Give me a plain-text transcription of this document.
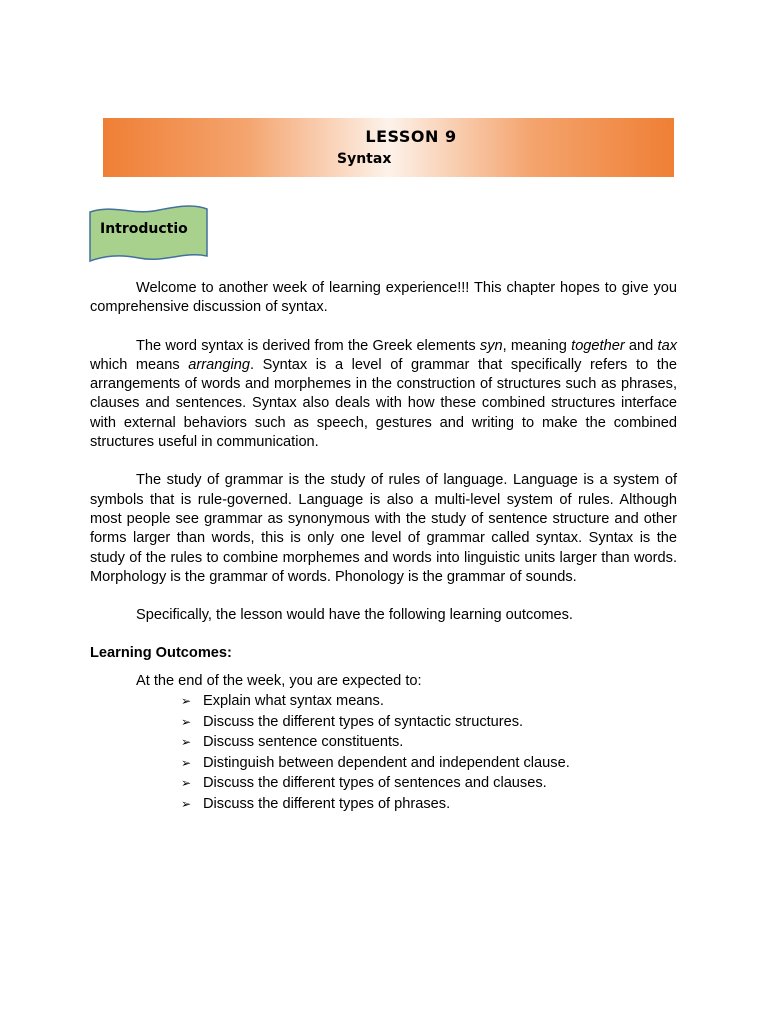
LESSON 9
Syntax
Introductio

Welcome to another week of learning experience!!! This chapter hopes to give you comprehensive discussion of syntax.

The word syntax is derived from the Greek elements syn, meaning together and tax which means arranging. Syntax is a level of grammar that specifically refers to the arrangements of words and morphemes in the construction of structures such as phrases, clauses and sentences. Syntax also deals with how these combined structures interface with external behaviors such as speech, gestures and writing to make the combined structures useful in communication.

The study of grammar is the study of rules of language. Language is a system of symbols that is rule-governed. Language is also a multi-level system of rules. Although most people see grammar as synonymous with the study of sentence structure and other forms larger than words, this is only one level of grammar called syntax. Syntax is the study of the rules to combine morphemes and words into linguistic units larger than words. Morphology is the grammar of words. Phonology is the grammar of sounds.

Specifically, the lesson would have the following learning outcomes.

Learning Outcomes:
At the end of the week, you are expected to:
➢ Explain what syntax means.
➢ Discuss the different types of syntactic structures.
➢ Discuss sentence constituents.
➢ Distinguish between dependent and independent clause.
➢ Discuss the different types of sentences and clauses.
➢ Discuss the different types of phrases.
